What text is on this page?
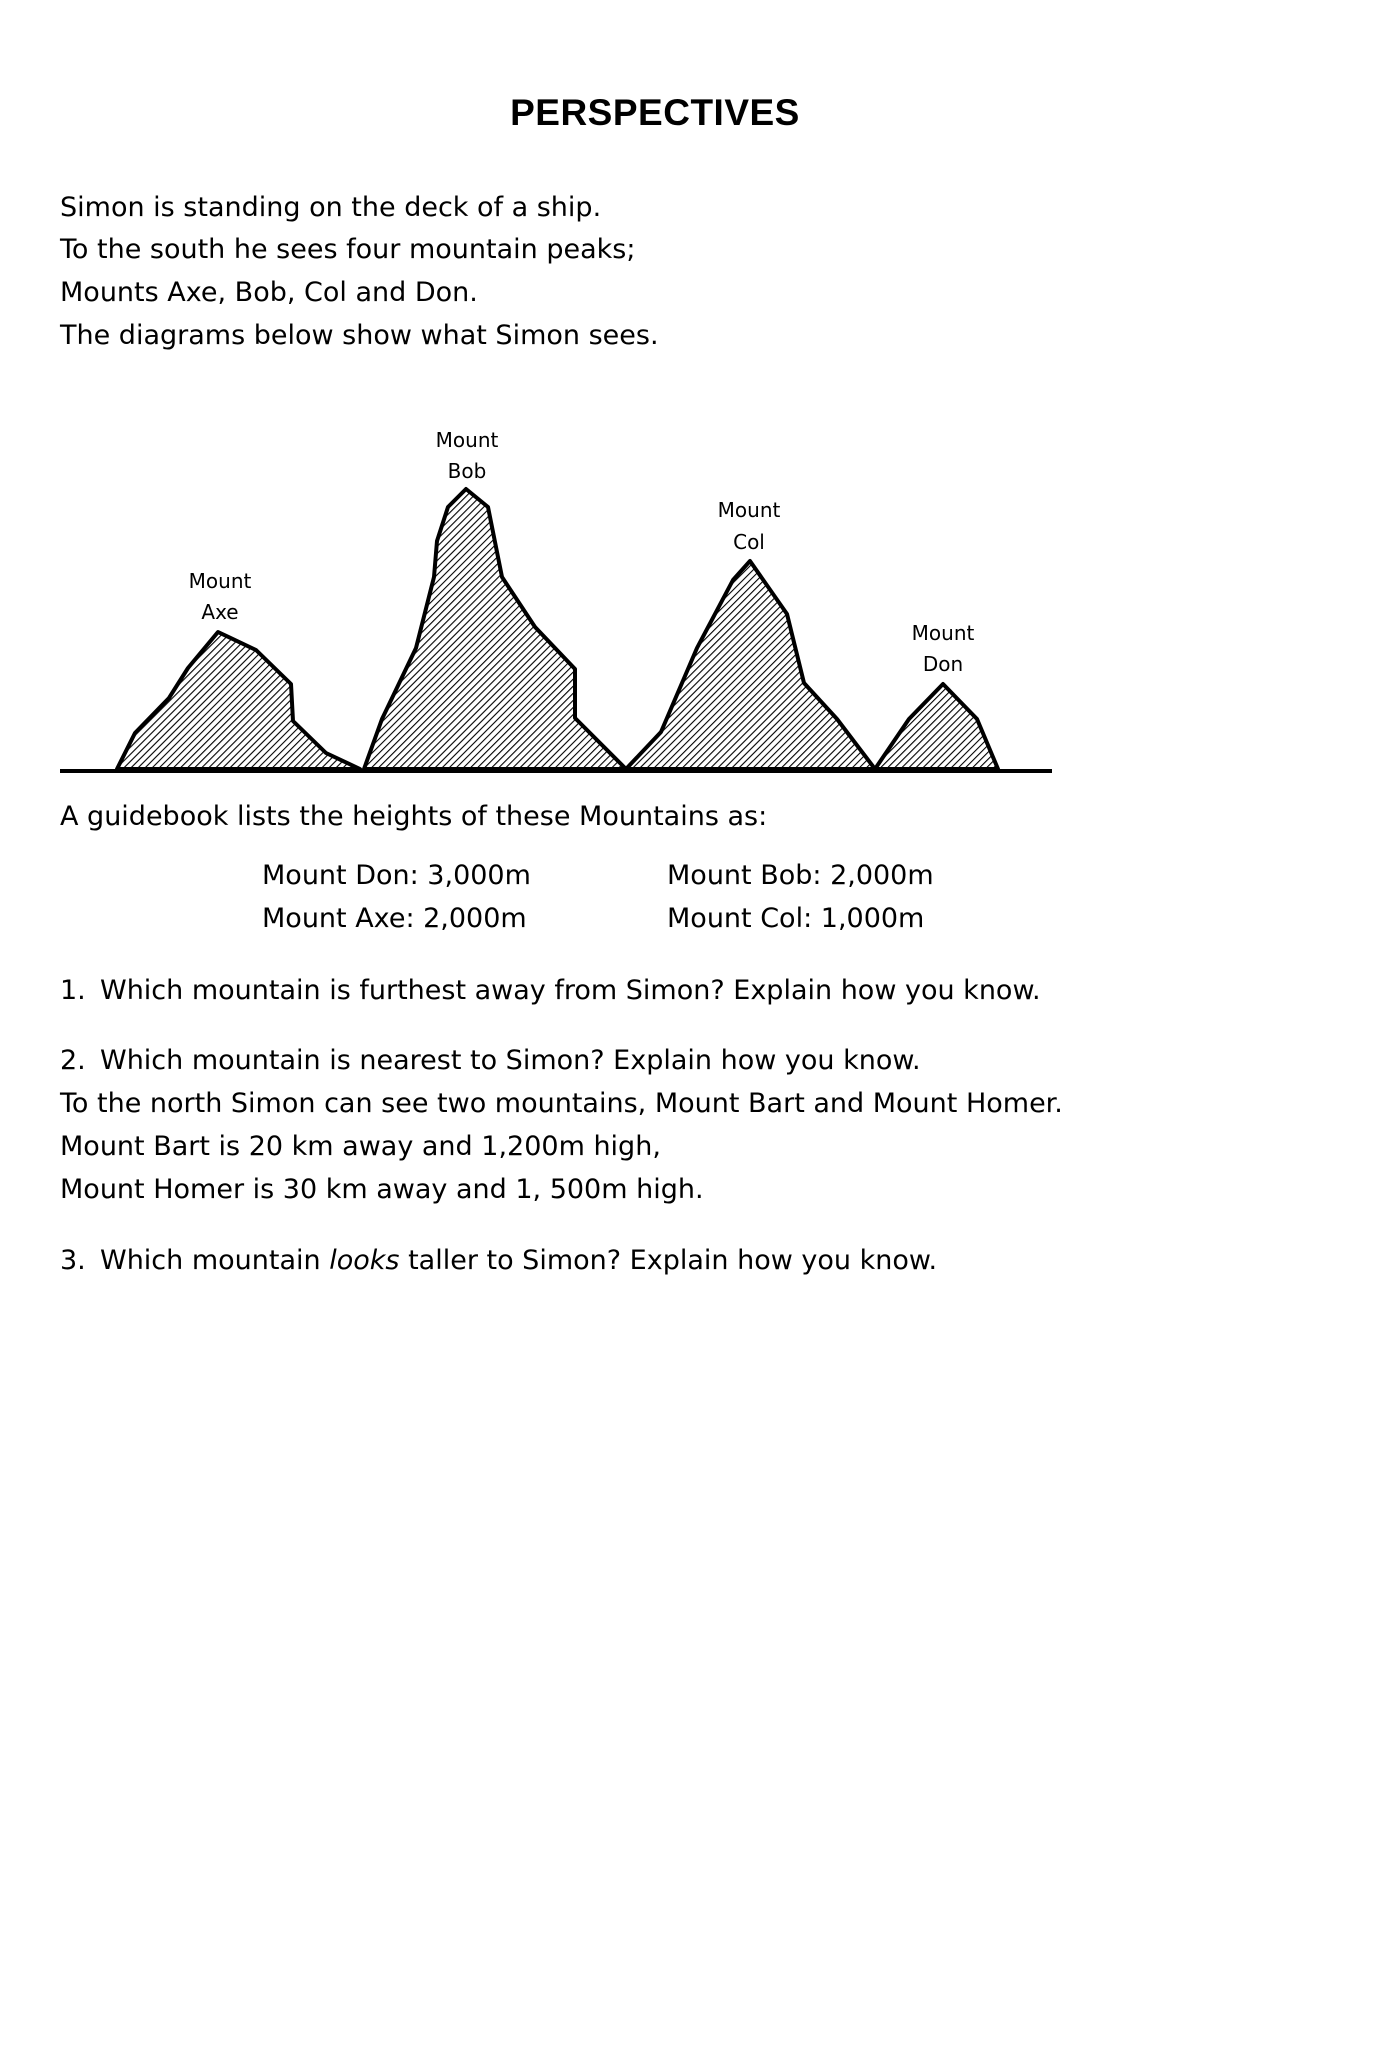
PERSPECTIVES
Simon is standing on the deck of a ship.
To the south he sees four mountain peaks;
Mounts Axe, Bob, Col and Don.
The diagrams below show what Simon sees.
Mount
Axe
Mount
Bob
Mount
Col
Mount
Don
A guidebook lists the heights of these Mountains as:
Mount Don: 3,000m	Mount Bob: 2,000m
Mount Axe: 2,000m	Mount Col: 1,000m
1. Which mountain is furthest away from Simon? Explain how you know.
2. Which mountain is nearest to Simon? Explain how you know.
To the north Simon can see two mountains, Mount Bart and Mount Homer.
Mount Bart is 20 km away and 1,200m high,
Mount Homer is 30 km away and 1, 500m high.
3. Which mountain looks taller to Simon? Explain how you know.
